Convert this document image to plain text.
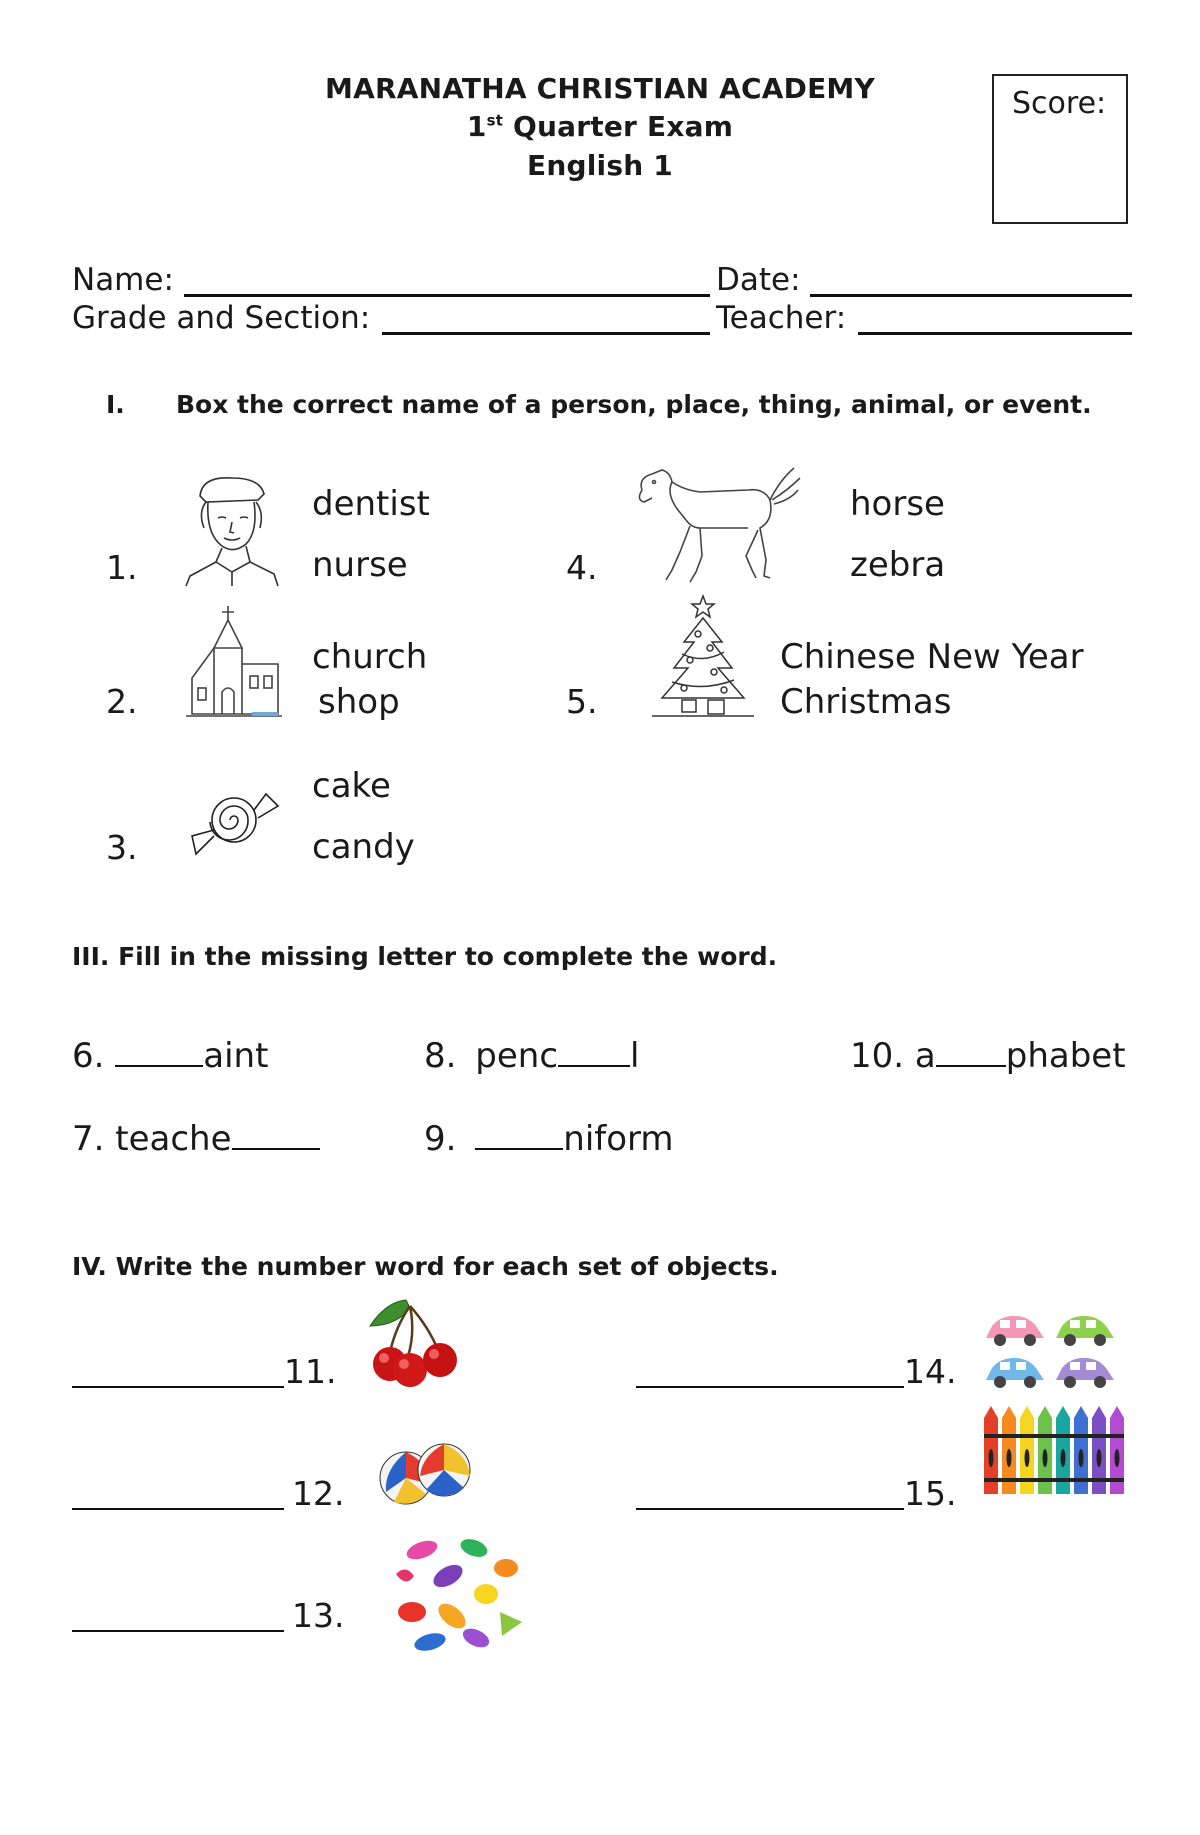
MARANATHA CHRISTIAN ACADEMY
1st Quarter Exam
English 1
Score:
Name:	Date:
Grade and Section:	Teacher:
I. Box the correct name of a person, place, thing, animal, or event.
1.
dentist
nurse
2.
church
shop
3.
cake
candy
4.
horse
zebra
5.
Chinese New Year
Christmas
III. Fill in the missing letter to complete the word.
6.	aint
7. teache
8. penc l
9.	niform
10. a phabet
IV. Write the number word for each set of objects.
11.
12.
13.
14.
15.
